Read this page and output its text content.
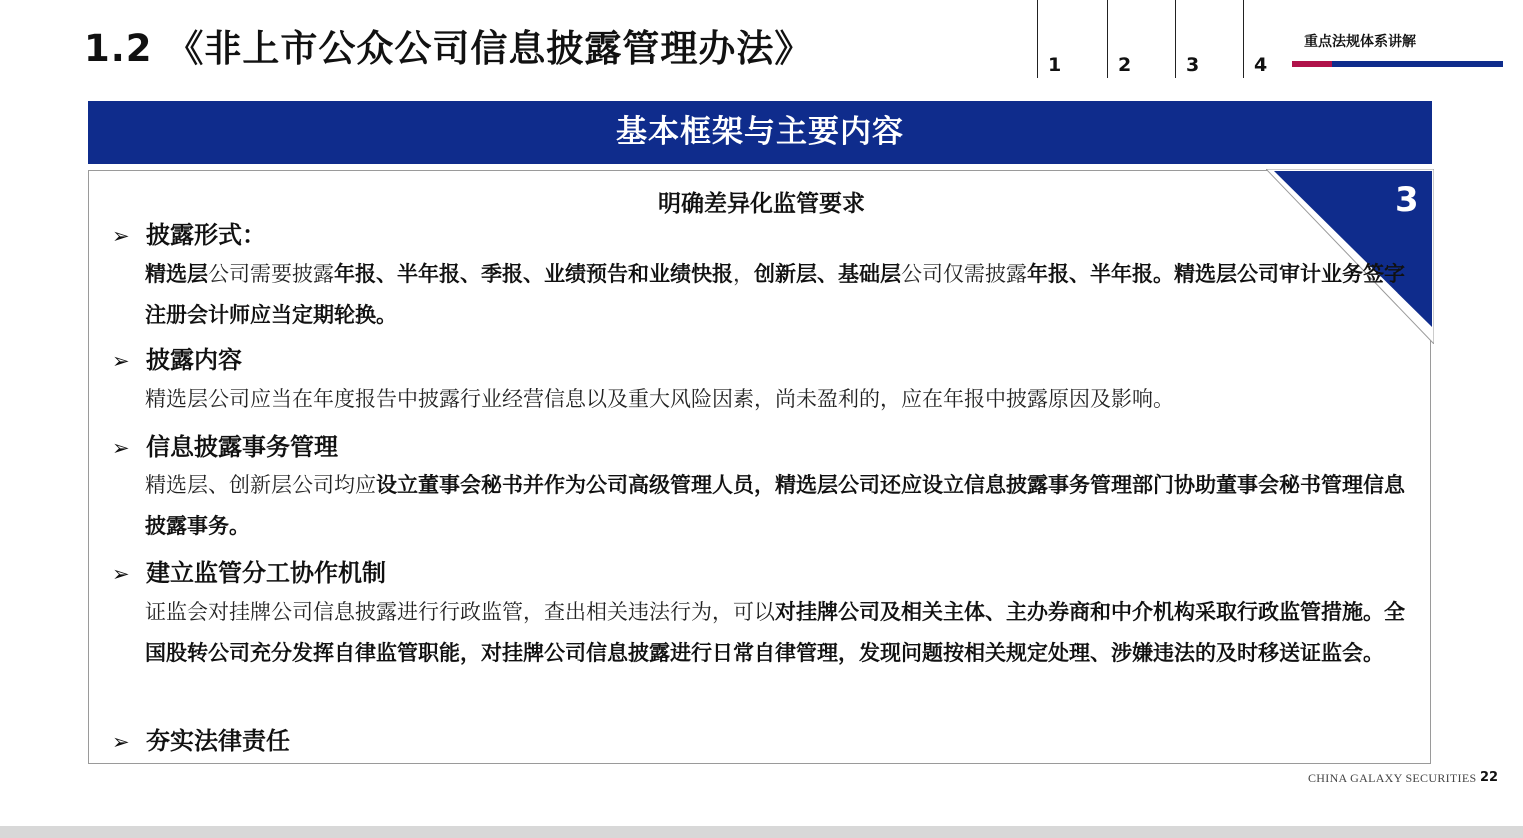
1.2 《非上市公众公司信息披露管理办法》	1	2	3	4
重点法规体系讲解
基本框架与主要内容
3
明确差异化监管要求
➢ 披露形式：
精选层公司需要披露年报、半年报、季报、业绩预告和业绩快报，创新层、基础层公司仅需披露年报、半年报。精选层公司审计业务签字注册会计师应当定期轮换。
➢ 披露内容
精选层公司应当在年度报告中披露行业经营信息以及重大风险因素，尚未盈利的，应在年报中披露原因及影响。
➢ 信息披露事务管理
精选层、创新层公司均应设立董事会秘书并作为公司高级管理人员，精选层公司还应设立信息披露事务管理部门协助董事会秘书管理信息披露事务。
➢ 建立监管分工协作机制
证监会对挂牌公司信息披露进行行政监管，查出相关违法行为，可以对挂牌公司及相关主体、主办券商和中介机构采取行政监管措施。全国股转公司充分发挥自律监管职能，对挂牌公司信息披露进行日常自律管理，发现问题按相关规定处理、涉嫌违法的及时移送证监会。
➢ 夯实法律责任
CHINA GALAXY SECURITIES 22
